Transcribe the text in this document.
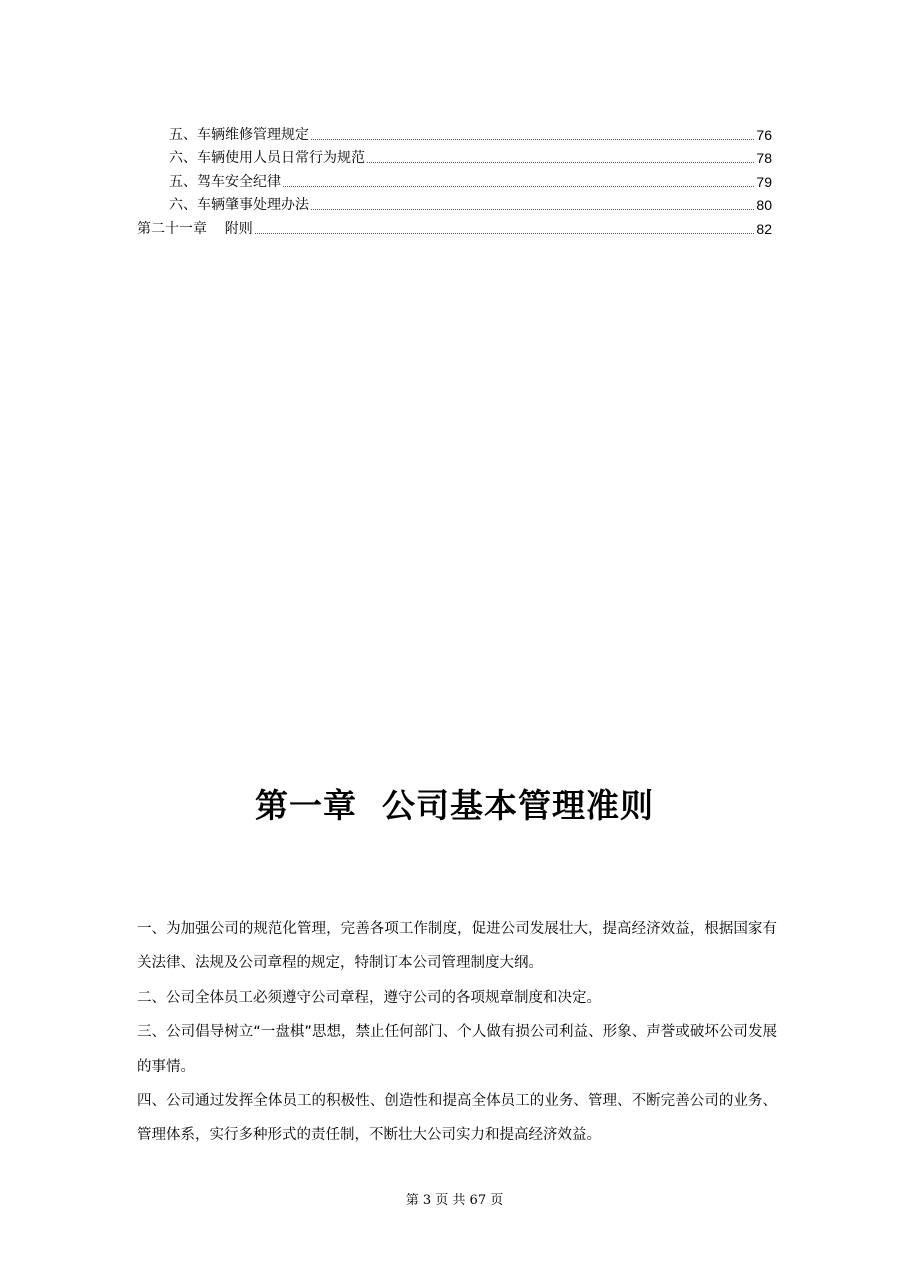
五、车辆维修管理规定	76
六、车辆使用人员日常行为规范	78
五、驾车安全纪律	79
六、车辆肇事处理办法	80
第二十一章    附则	82
第一章  公司基本管理准则

一、为加强公司的规范化管理，完善各项工作制度，促进公司发展壮大，提高经济效益，根据国家有关法律、法规及公司章程的规定，特制订本公司管理制度大纲。

二、公司全体员工必须遵守公司章程，遵守公司的各项规章制度和决定。

三、公司倡导树立“一盘棋”思想，禁止任何部门、个人做有损公司利益、形象、声誉或破坏公司发展的事情。

四、公司通过发挥全体员工的积极性、创造性和提高全体员工的业务、管理、不断完善公司的业务、管理体系，实行多种形式的责任制，不断壮大公司实力和提高经济效益。

第 3 页 共 67 页
